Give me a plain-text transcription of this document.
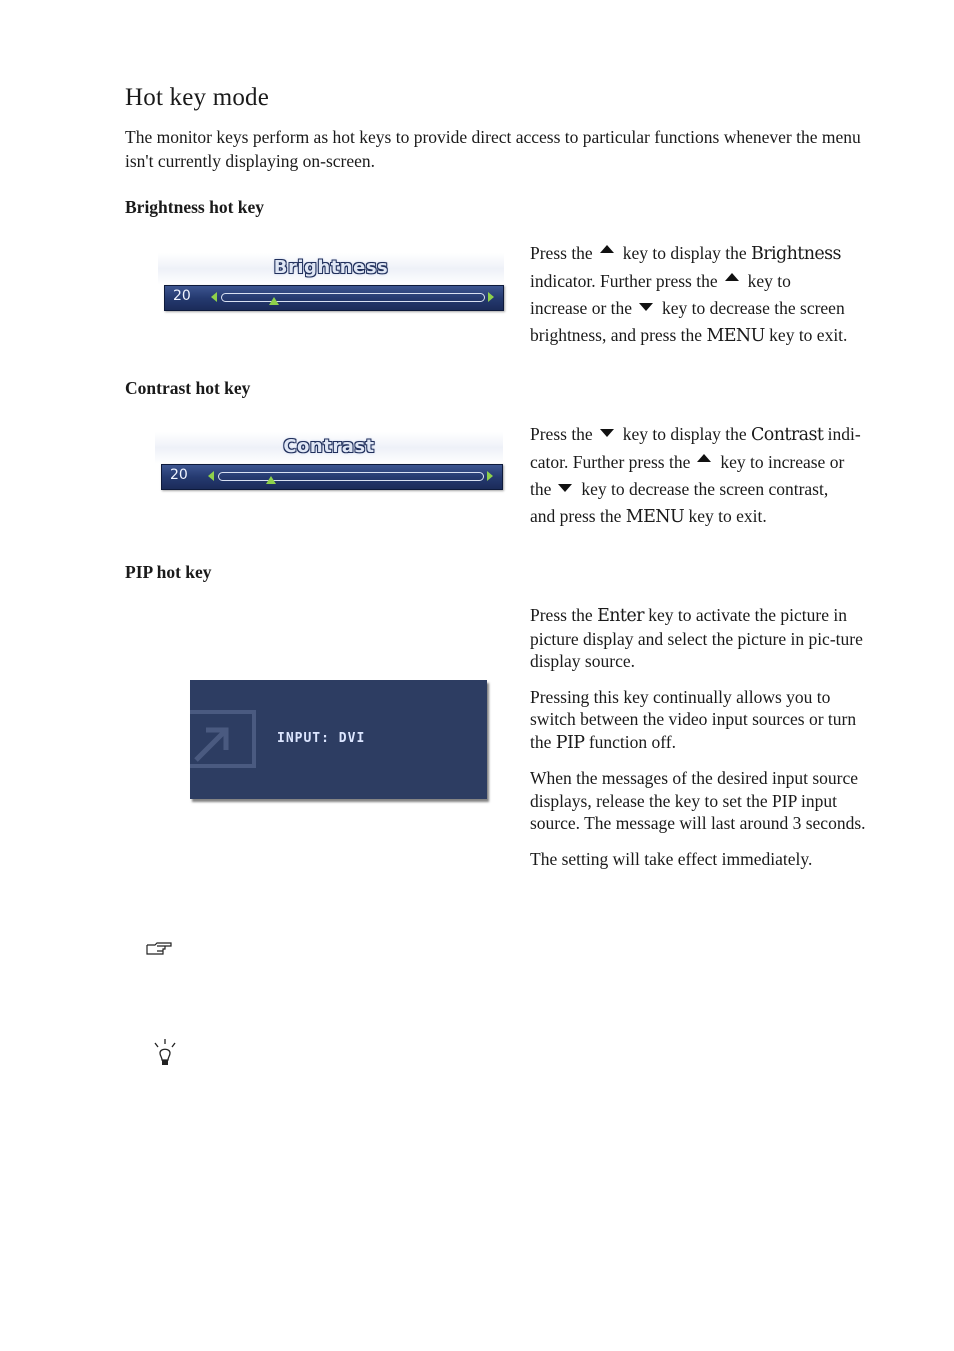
Hot key mode

The monitor keys perform as hot keys to provide direct access to particular functions whenever the menu isn't currently displaying on-screen.

Brightness hot key
Brightness
20
Press the key to display the Brightness
indicator. Further press the key to
increase or the key to decrease the screen
brightness, and press the MENU key to exit.
Contrast hot key
Contrast
20
Press the key to display the Contrast indi-
cator. Further press the key to increase or
the key to decrease the screen contrast,
and press the MENU key to exit.
PIP hot key
INPUT: DVI

Press the Enter key to activate the picture in picture display and select the picture in pic-ture display source.

Pressing this key continually allows you to switch between the video input sources or turn the PIP function off.

When the messages of the desired input source displays, release the key to set the PIP input source. The message will last around 3 seconds.

The setting will take effect immediately.
